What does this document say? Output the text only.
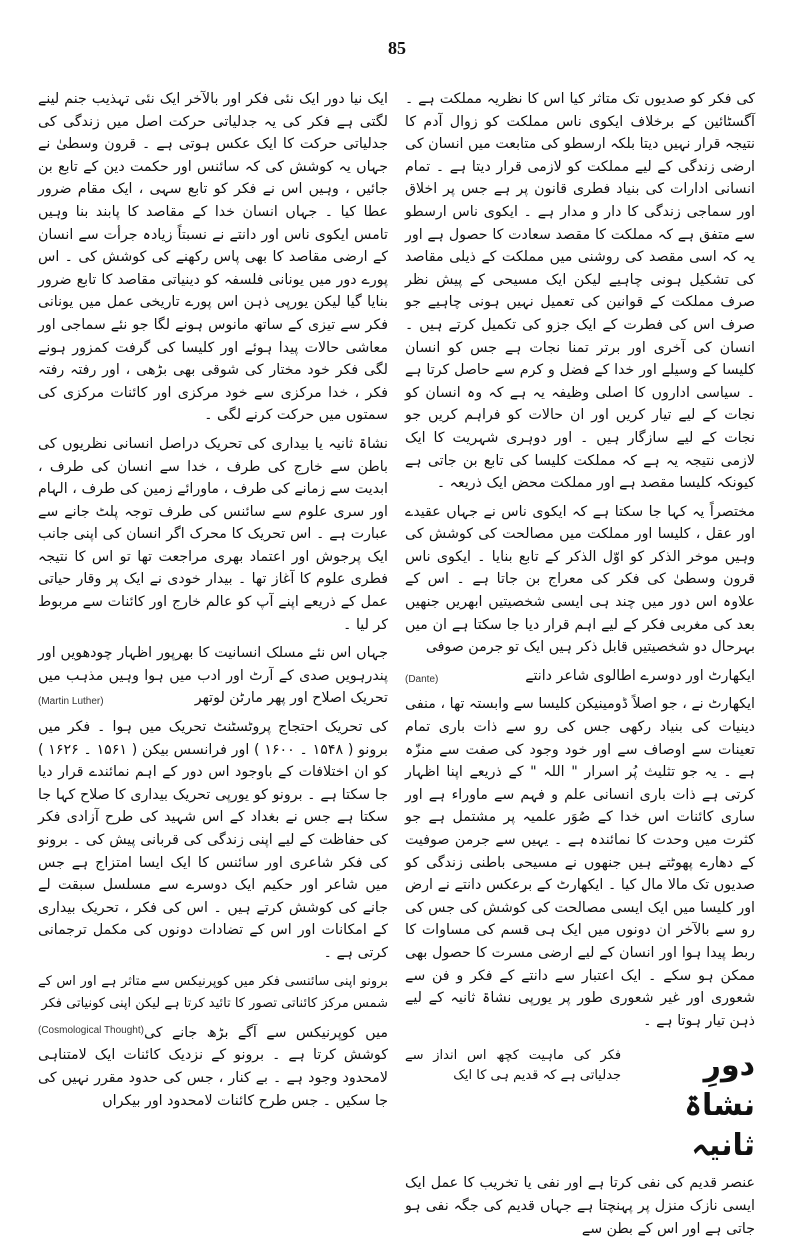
85

کی فکر کو صدیوں تک متاثر کیا اس کا نظریہ مملکت ہے ۔ آگسٹائین کے برخلاف ایکوی ناس مملکت کو زوال آدم کا نتیجہ قرار نہیں دیتا بلکہ ارسطو کی متابعت میں انسان کی ارضی زندگی کے لیے مملکت کو لازمی قرار دیتا ہے ۔ تمام انسانی ادارات کی بنیاد فطری قانون پر ہے جس پر اخلاق اور سماجی زندگی کا دار و مدار ہے ۔ ایکوی ناس ارسطو سے متفق ہے کہ مملکت کا مقصد سعادت کا حصول ہے اور یہ کہ اسی مقصد کی روشنی میں مملکت کے ذیلی مقاصد کی تشکیل ہونی چاہیے لیکن ایک مسیحی کے پیش نظر صرف مملکت کے قوانین کی تعمیل نہیں ہونی چاہیے جو صرف اس کی فطرت کے ایک جزو کی تکمیل کرتے ہیں ۔ انسان کی آخری اور برتر تمنا نجات ہے جس کو انسان کلیسا کے وسیلے اور خدا کے فضل و کرم سے حاصل کرتا ہے ۔ سیاسی اداروں کا اصلی وظیفہ یہ ہے کہ وہ انسان کو نجات کے لیے تیار کریں اور ان حالات کو فراہم کریں جو نجات کے لیے سازگار ہیں ۔ اور دوہری شہریت کا ایک لازمی نتیجہ یہ ہے کہ مملکت کلیسا کی تابع بن جاتی ہے کیونکہ کلیسا مقصد ہے اور مملکت محض ایک ذریعہ ۔

مختصراً یہ کہا جا سکتا ہے کہ ایکوی ناس نے جہاں عقیدے اور عقل ، کلیسا اور مملکت میں مصالحت کی کوشش کی وہیں موخر الذکر کو اوّل الذکر کے تابع بنایا ۔ ایکوی ناس قرون وسطیٰ کی فکر کی معراج بن جاتا ہے ۔ اس کے علاوہ اس دور میں چند ہی ایسی شخصیتیں ابھریں جنھیں بعد کی مغربی فکر کے لیے اہم قرار دیا جا سکتا ہے ان میں بہرحال دو شخصیتیں قابل ذکر ہیں ایک تو جرمن صوفی

ایکھارٹ اور دوسرے اطالوی شاعر دانتے
(Dante)

ایکھارٹ نے ، جو اصلاً ڈومینیکن کلیسا سے وابستہ تھا ، منفی دینیات کی بنیاد رکھی جس کی رو سے ذات باری تمام تعینات سے اوصاف سے اور خود وجود کی صفت سے منزّہ ہے ۔ یہ جو تثلیث پُر اسرار " اللہ " کے ذریعے اپنا اظہار کرتی ہے ذات باری انسانی علم و فہم سے ماوراء ہے اور ساری کائنات اس خدا کے صُوَر علمیہ پر مشتمل ہے جو کثرت میں وحدت کا نمائندہ ہے ۔ یہیں سے جرمن صوفیت کے دھارے پھوٹتے ہیں جنھوں نے مسیحی باطنی زندگی کو صدیوں تک مالا مال کیا ۔ ایکھارٹ کے برعکس دانتے نے ارض اور کلیسا میں ایک ایسی مصالحت کی کوشش کی جس کی رو سے بالآخر ان دونوں میں ایک ہی قسم کی مساوات کا ربط پیدا ہوا اور انسان کے لیے ارضی مسرت کا حصول بھی ممکن ہو سکے ۔ ایک اعتبار سے دانتے کے فکر و فن سے شعوری اور غیر شعوری طور پر یورپی نشاۃ ثانیہ کے لیے ذہن تیار ہوتا ہے ۔

دورِ نشاۃ ثانیہ
فکر کی ماہیت کچھ اس انداز سے جدلیاتی ہے کہ قدیم ہی کا ایک

عنصر قدیم کی نفی کرتا ہے اور نفی یا تخریب کا عمل ایک ایسی نازک منزل پر پہنچتا ہے جہاں قدیم کی جگہ نفی ہو جاتی ہے اور اس کے بطن سے

ایک نیا دور ایک نئی فکر اور بالآخر ایک نئی تہذیب جنم لینے لگتی ہے فکر کی یہ جدلیاتی حرکت اصل میں زندگی کی جدلیاتی حرکت کا ایک عکس ہوتی ہے ۔ قرون وسطیٰ نے جہاں یہ کوشش کی کہ سائنس اور حکمت دین کے تابع بن جائیں ، وہیں اس نے فکر کو تابع سہی ، ایک مقام ضرور عطا کیا ۔ جہاں انسان خدا کے مقاصد کا پابند بنا وہیں تامس ایکوی ناس اور دانتے نے نسبتاً زیادہ جرأت سے انسان کے ارضی مقاصد کا بھی پاس رکھنے کی کوشش کی ۔ اس پورے دور میں یونانی فلسفہ کو دینیاتی مقاصد کا تابع ضرور بنایا گیا لیکن یورپی ذہن اس پورے تاریخی عمل میں یونانی فکر سے تیزی کے ساتھ مانوس ہونے لگا جو نئے سماجی اور معاشی حالات پیدا ہوئے اور کلیسا کی گرفت کمزور ہونے لگی فکر خود مختار کی شوقی بھی بڑھی ، اور رفتہ رفتہ فکر ، خدا مرکزی سے خود مرکزی اور کائنات مرکزی کی سمتوں میں حرکت کرنے لگی ۔

نشاۃ ثانیہ یا بیداری کی تحریک دراصل انسانی نظریوں کی باطن سے خارج کی طرف ، خدا سے انسان کی طرف ، ابدیت سے زمانے کی طرف ، ماورائے زمین کی طرف ، الہام اور سری علوم سے سائنس کی طرف توجہ پلٹ جانے سے عبارت ہے ۔ اس تحریک کا محرک اگر انسان کی اپنی جانب ایک پرجوش اور اعتماد بھری مراجعت تھا تو اس کا نتیجہ فطری علوم کا آغاز تھا ۔ بیدار خودی نے ایک پر وقار حیاتی عمل کے ذریعے اپنے آپ کو عالم خارج اور کائنات سے مربوط کر لیا ۔

جہاں اس نئے مسلک انسانیت کا بھرپور اظہار چودھویں اور پندرہویں صدی کے آرٹ اور ادب میں ہوا وہیں مذہب میں تحریک اصلاح اور پھر مارٹن لوتھر
(Martin Luther)

کی تحریک احتجاج پروٹسٹنٹ تحریک میں ہوا ۔ فکر میں برونو ( ۱۵۴۸ ۔ ۱۶۰۰ ) اور فرانسس بیکن ( ۱۵۶۱ ۔ ۱۶۲۶ ) کو ان اختلافات کے باوجود اس دور کے اہم نمائندے قرار دیا جا سکتا ہے ۔ برونو کو یورپی تحریک بیداری کا صلاح کہا جا سکتا ہے جس نے بغداد کے اس شہید کی طرح آزادی فکر کی حفاظت کے لیے اپنی زندگی کی قربانی پیش کی ۔ برونو کی فکر شاعری اور سائنس کا ایک ایسا امتزاج ہے جس میں شاعر اور حکیم ایک دوسرے سے مسلسل سبقت لے جانے کی کوشش کرتے ہیں ۔ اس کی فکر ، تحریک بیداری کے امکانات اور اس کے تضادات دونوں کی مکمل ترجمانی کرتی ہے ۔

برونو اپنی سائنسی فکر میں کوپرنیکس سے متاثر ہے اور اس کے شمس مرکز کائناتی تصور کا تائید کرتا ہے لیکن اپنی کونیاتی فکر
(Cosmological Thought) میں کوپرنیکس سے آگے بڑھ جانے کی کوشش کرتا ہے ۔ برونو کے نزدیک کائنات ایک لامتناہی لامحدود وجود ہے ۔ بے کنار ، جس کی حدود مقرر نہیں کی جا سکیں ۔ جس طرح کائنات لامحدود اور بیکراں
